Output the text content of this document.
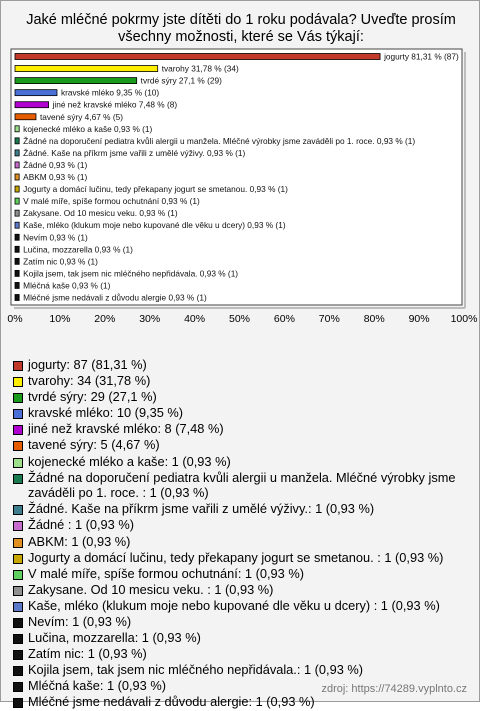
Jaké mléčné pokrmy jste dítěti do 1 roku podávala? Uveďte prosím všechny možnosti, které se Vás týkají:
jogurty 81,31 % (87)
tvarohy 31,78 % (34)
tvrdé sýry 27,1 % (29)
kravské mléko 9,35 % (10)
jiné než kravské mléko 7,48 % (8)
tavené sýry 4,67 % (5)
kojenecké mléko a kaše 0,93 % (1)
Žádné na doporučení pediatra kvůli alergii u manžela. Mléčné výrobky jsme zaváděli po 1. roce. 0,93 % (1)
Žádné. Kaše na příkrm jsme vařili z umělé výživy. 0,93 % (1)
Žádné 0,93 % (1)
ABKM 0,93 % (1)
Jogurty a domácí lučinu, tedy překapany jogurt se smetanou. 0,93 % (1)
V malé míře, spíše formou ochutnání 0,93 % (1)
Zakysane. Od 10 mesicu veku. 0,93 % (1)
Kaše, mléko (klukum moje nebo kupované dle věku u dcery) 0,93 % (1)
Nevím 0,93 % (1)
Lučina, mozzarella 0,93 % (1)
Zatím nic 0,93 % (1)
Kojila jsem, tak jsem nic mléčného nepřidávala. 0,93 % (1)
Mléčná kaše 0,93 % (1)
Mléčné jsme nedávali z důvodu alergie 0,93 % (1)
0%	10% 20% 30% 40% 50% 60% 70% 80% 90% 100%
jogurty: 87 (81,31 %)
tvarohy: 34 (31,78 %)
tvrdé sýry: 29 (27,1 %)
kravské mléko: 10 (9,35 %)
jiné než kravské mléko: 8 (7,48 %)
tavené sýry: 5 (4,67 %)
kojenecké mléko a kaše: 1 (0,93 %)
Žádné na doporučení pediatra kvůli alergii u manžela. Mléčné výrobky jsme zaváděli po 1. roce. : 1 (0,93 %)
Žádné. Kaše na příkrm jsme vařili z umělé výživy.: 1 (0,93 %)
Žádné : 1 (0,93 %)
ABKM: 1 (0,93 %)
Jogurty a domácí lučinu, tedy překapany jogurt se smetanou. : 1 (0,93 %)
V malé míře, spíše formou ochutnání: 1 (0,93 %)
Zakysane. Od 10 mesicu veku. : 1 (0,93 %)
Kaše, mléko (klukum moje nebo kupované dle věku u dcery) : 1 (0,93 %)
Nevím: 1 (0,93 %)
Lučina, mozzarella: 1 (0,93 %)
Zatím nic: 1 (0,93 %)
Kojila jsem, tak jsem nic mléčného nepřidávala.: 1 (0,93 %)
Mléčná kaše: 1 (0,93 %)
Mléčné jsme nedávali z důvodu alergie: 1 (0,93 %)
zdroj: https://74289.vyplnto.cz
